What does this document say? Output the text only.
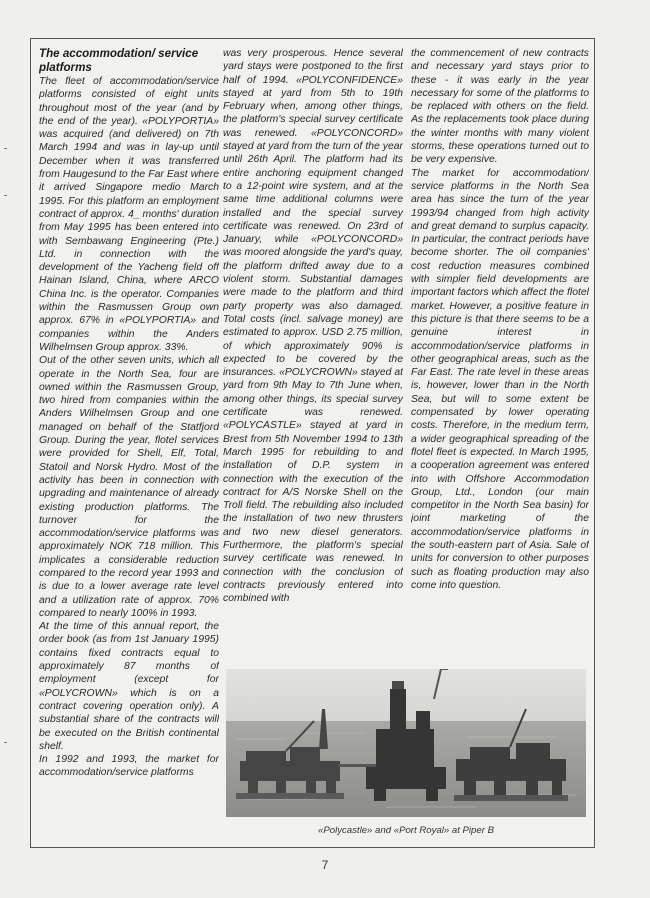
The accommodation/ service platforms

The fleet of accommodation/service platforms consisted of eight units throughout most of the year (and by the end of the year). «POLYPORTIA» was acquired (and delivered) on 7th March 1994 and was in lay-up until December when it was transferred from Haugesund to the Far East where it arrived Singapore medio March 1995. For this platform an employment contract of approx. 4_ months' duration from May 1995 has been entered into with Sembawang Engineering (Pte.) Ltd. in connection with the development of the Yacheng field off Hainan Island, China, where ARCO China Inc. is the operator. Companies within the Rasmussen Group own approx. 67% in «POLYPORTIA» and companies within the Anders Wilhelmsen Group approx. 33%.

Out of the other seven units, which all operate in the North Sea, four are owned within the Rasmussen Group, two hired from companies within the Anders Wilhelmsen Group and one managed on behalf of the Statfjord Group. During the year, flotel services were provided for Shell, Elf, Total, Statoil and Norsk Hydro. Most of the activity has been in connection with upgrading and maintenance of already existing production platforms. The turnover for the accommodation/service platforms was approximately NOK 718 million. This implicates a considerable reduction compared to the record year 1993 and is due to a lower average rate level and a utilization rate of approx. 70% compared to nearly 100% in 1993.

At the time of this annual report, the order book (as from 1st January 1995) contains fixed contracts equal to approximately 87 months of employment (except for «POLYCROWN» which is on a contract covering operation only). A substantial share of the contracts will be executed on the British continental shelf.

In 1992 and 1993, the market for accommodation/service platforms

was very prosperous. Hence several yard stays were postponed to the first half of 1994. «POLYCONFIDENCE» stayed at yard from 5th to 19th February when, among other things, the platform's special survey certificate was renewed. «POLYCONCORD» stayed at yard from the turn of the year until 26th April. The platform had its entire anchoring equipment changed to a 12-point wire system, and at the same time additional columns were installed and the special survey certificate was renewed. On 23rd of January, while «POLYCONCORD» was moored alongside the yard's quay, the platform drifted away due to a violent storm. Substantial damages were made to the platform and third party property was also damaged. Total costs (incl. salvage money) are estimated to approx. USD 2.75 million, of which approximately 90% is expected to be covered by the insurances. «POLYCROWN» stayed at yard from 9th May to 7th June when, among other things, its special survey certificate was renewed. «POLYCASTLE» stayed at yard in Brest from 5th November 1994 to 13th March 1995 for rebuilding to and installation of D.P. system in connection with the execution of the contract for A/S Norske Shell on the Troll field. The rebuilding also included the installation of two new thrusters and two new diesel generators. Furthermore, the platform's special survey certificate was renewed. In connection with the conclusion of contracts previously entered into combined with

the commencement of new contracts and necessary yard stays prior to these - it was early in the year necessary for some of the platforms to be replaced with others on the field. As the replacements took place during the winter months with many violent storms, these operations turned out to be very expensive.

The market for accommodation/ service platforms in the North Sea area has since the turn of the year 1993/94 changed from high activity and great demand to surplus capacity. In particular, the contract periods have become shorter. The oil companies' cost reduction measures combined with simpler field developments are important factors which affect the flotel market. However, a positive feature in this picture is that there seems to be a genuine interest in accommodation/service platforms in other geographical areas, such as the Far East. The rate level in these areas is, however, lower than in the North Sea, but will to some extent be compensated by lower operating costs. Therefore, in the medium term, a wider geographical spreading of the flotel fleet is expected. In March 1995, a cooperation agreement was entered into with Offshore Accommodation Group, Ltd., London (our main competitor in the North Sea basin) for joint marketing of the accommodation/service platforms in the south-eastern part of Asia. Sale of units for conversion to other purposes such as floating production may also come into question.

«Polycastle» and «Port Royal» at Piper B
7
